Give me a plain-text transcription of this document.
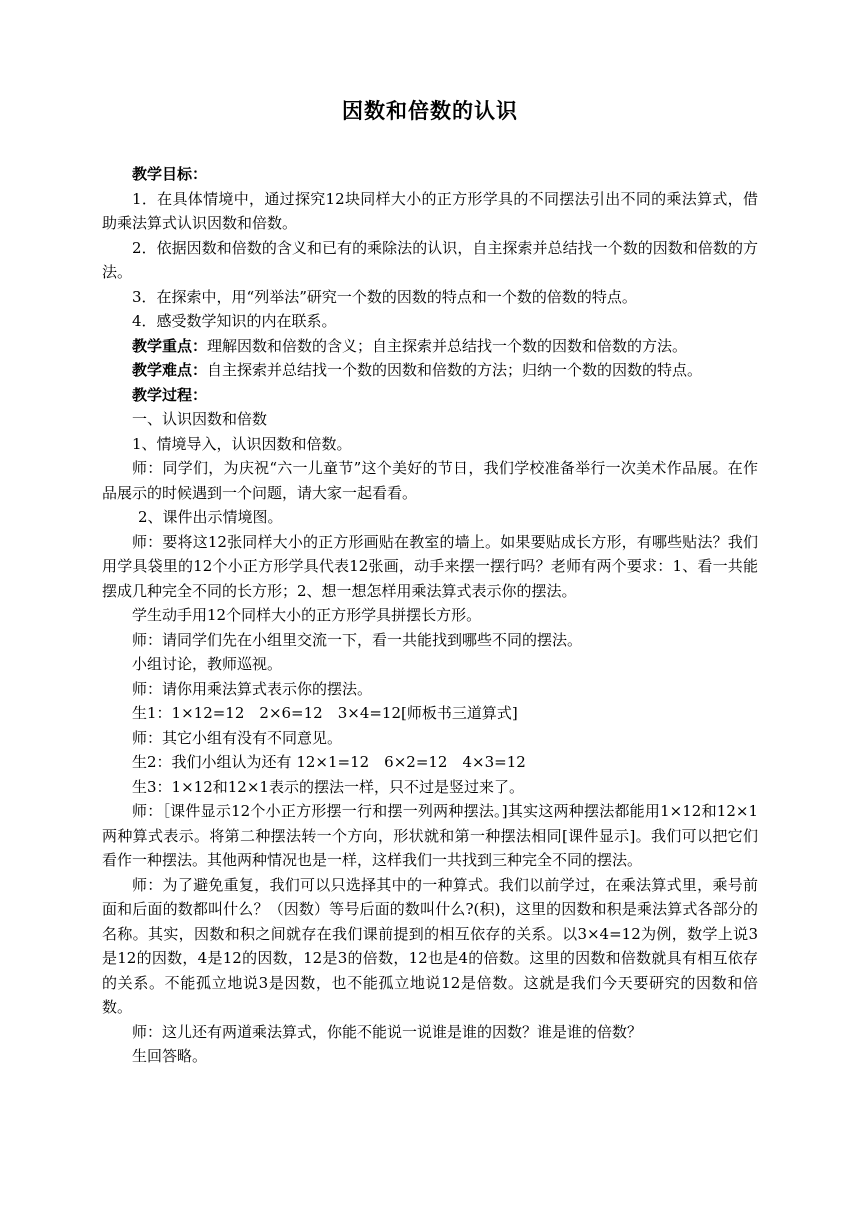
因数和倍数的认识

教学目标：

1．在具体情境中，通过探究12块同样大小的正方形学具的不同摆法引出不同的乘法算式，借助乘法算式认识因数和倍数。

2．依据因数和倍数的含义和已有的乘除法的认识，自主探索并总结找一个数的因数和倍数的方法。

3．在探索中，用“列举法”研究一个数的因数的特点和一个数的倍数的特点。

4．感受数学知识的内在联系。

教学重点：理解因数和倍数的含义；自主探索并总结找一个数的因数和倍数的方法。

教学难点：自主探索并总结找一个数的因数和倍数的方法；归纳一个数的因数的特点。

教学过程：

一、认识因数和倍数

1、情境导入，认识因数和倍数。

师：同学们，为庆祝“六一儿童节”这个美好的节日，我们学校准备举行一次美术作品展。在作品展示的时候遇到一个问题，请大家一起看看。

2、课件出示情境图。

师：要将这12张同样大小的正方形画贴在教室的墙上。如果要贴成长方形，有哪些贴法？我们用学具袋里的12个小正方形学具代表12张画，动手来摆一摆行吗？老师有两个要求：1、看一共能摆成几种完全不同的长方形；2、想一想怎样用乘法算式表示你的摆法。

学生动手用12个同样大小的正方形学具拼摆长方形。

师：请同学们先在小组里交流一下，看一共能找到哪些不同的摆法。

小组讨论，教师巡视。

师：请你用乘法算式表示你的摆法。

生1：1×12=12　2×6=12　3×4=12[师板书三道算式]

师：其它小组有没有不同意见。

生2：我们小组认为还有 12×1=12　6×2=12　4×3=12

生3：1×12和12×1表示的摆法一样，只不过是竖过来了。

师：［课件显示12个小正方形摆一行和摆一列两种摆法。]其实这两种摆法都能用1×12和12×1两种算式表示。将第二种摆法转一个方向，形状就和第一种摆法相同[课件显示]。我们可以把它们看作一种摆法。其他两种情况也是一样，这样我们一共找到三种完全不同的摆法。

师：为了避免重复，我们可以只选择其中的一种算式。我们以前学过，在乘法算式里，乘号前面和后面的数都叫什么？（因数）等号后面的数叫什么?(积)，这里的因数和积是乘法算式各部分的名称。其实，因数和积之间就存在我们课前提到的相互依存的关系。以3×4=12为例，数学上说3是12的因数，4是12的因数，12是3的倍数，12也是4的倍数。这里的因数和倍数就具有相互依存的关系。不能孤立地说3是因数，也不能孤立地说12是倍数。这就是我们今天要研究的因数和倍数。

师：这儿还有两道乘法算式，你能不能说一说谁是谁的因数？谁是谁的倍数？

生回答略。
